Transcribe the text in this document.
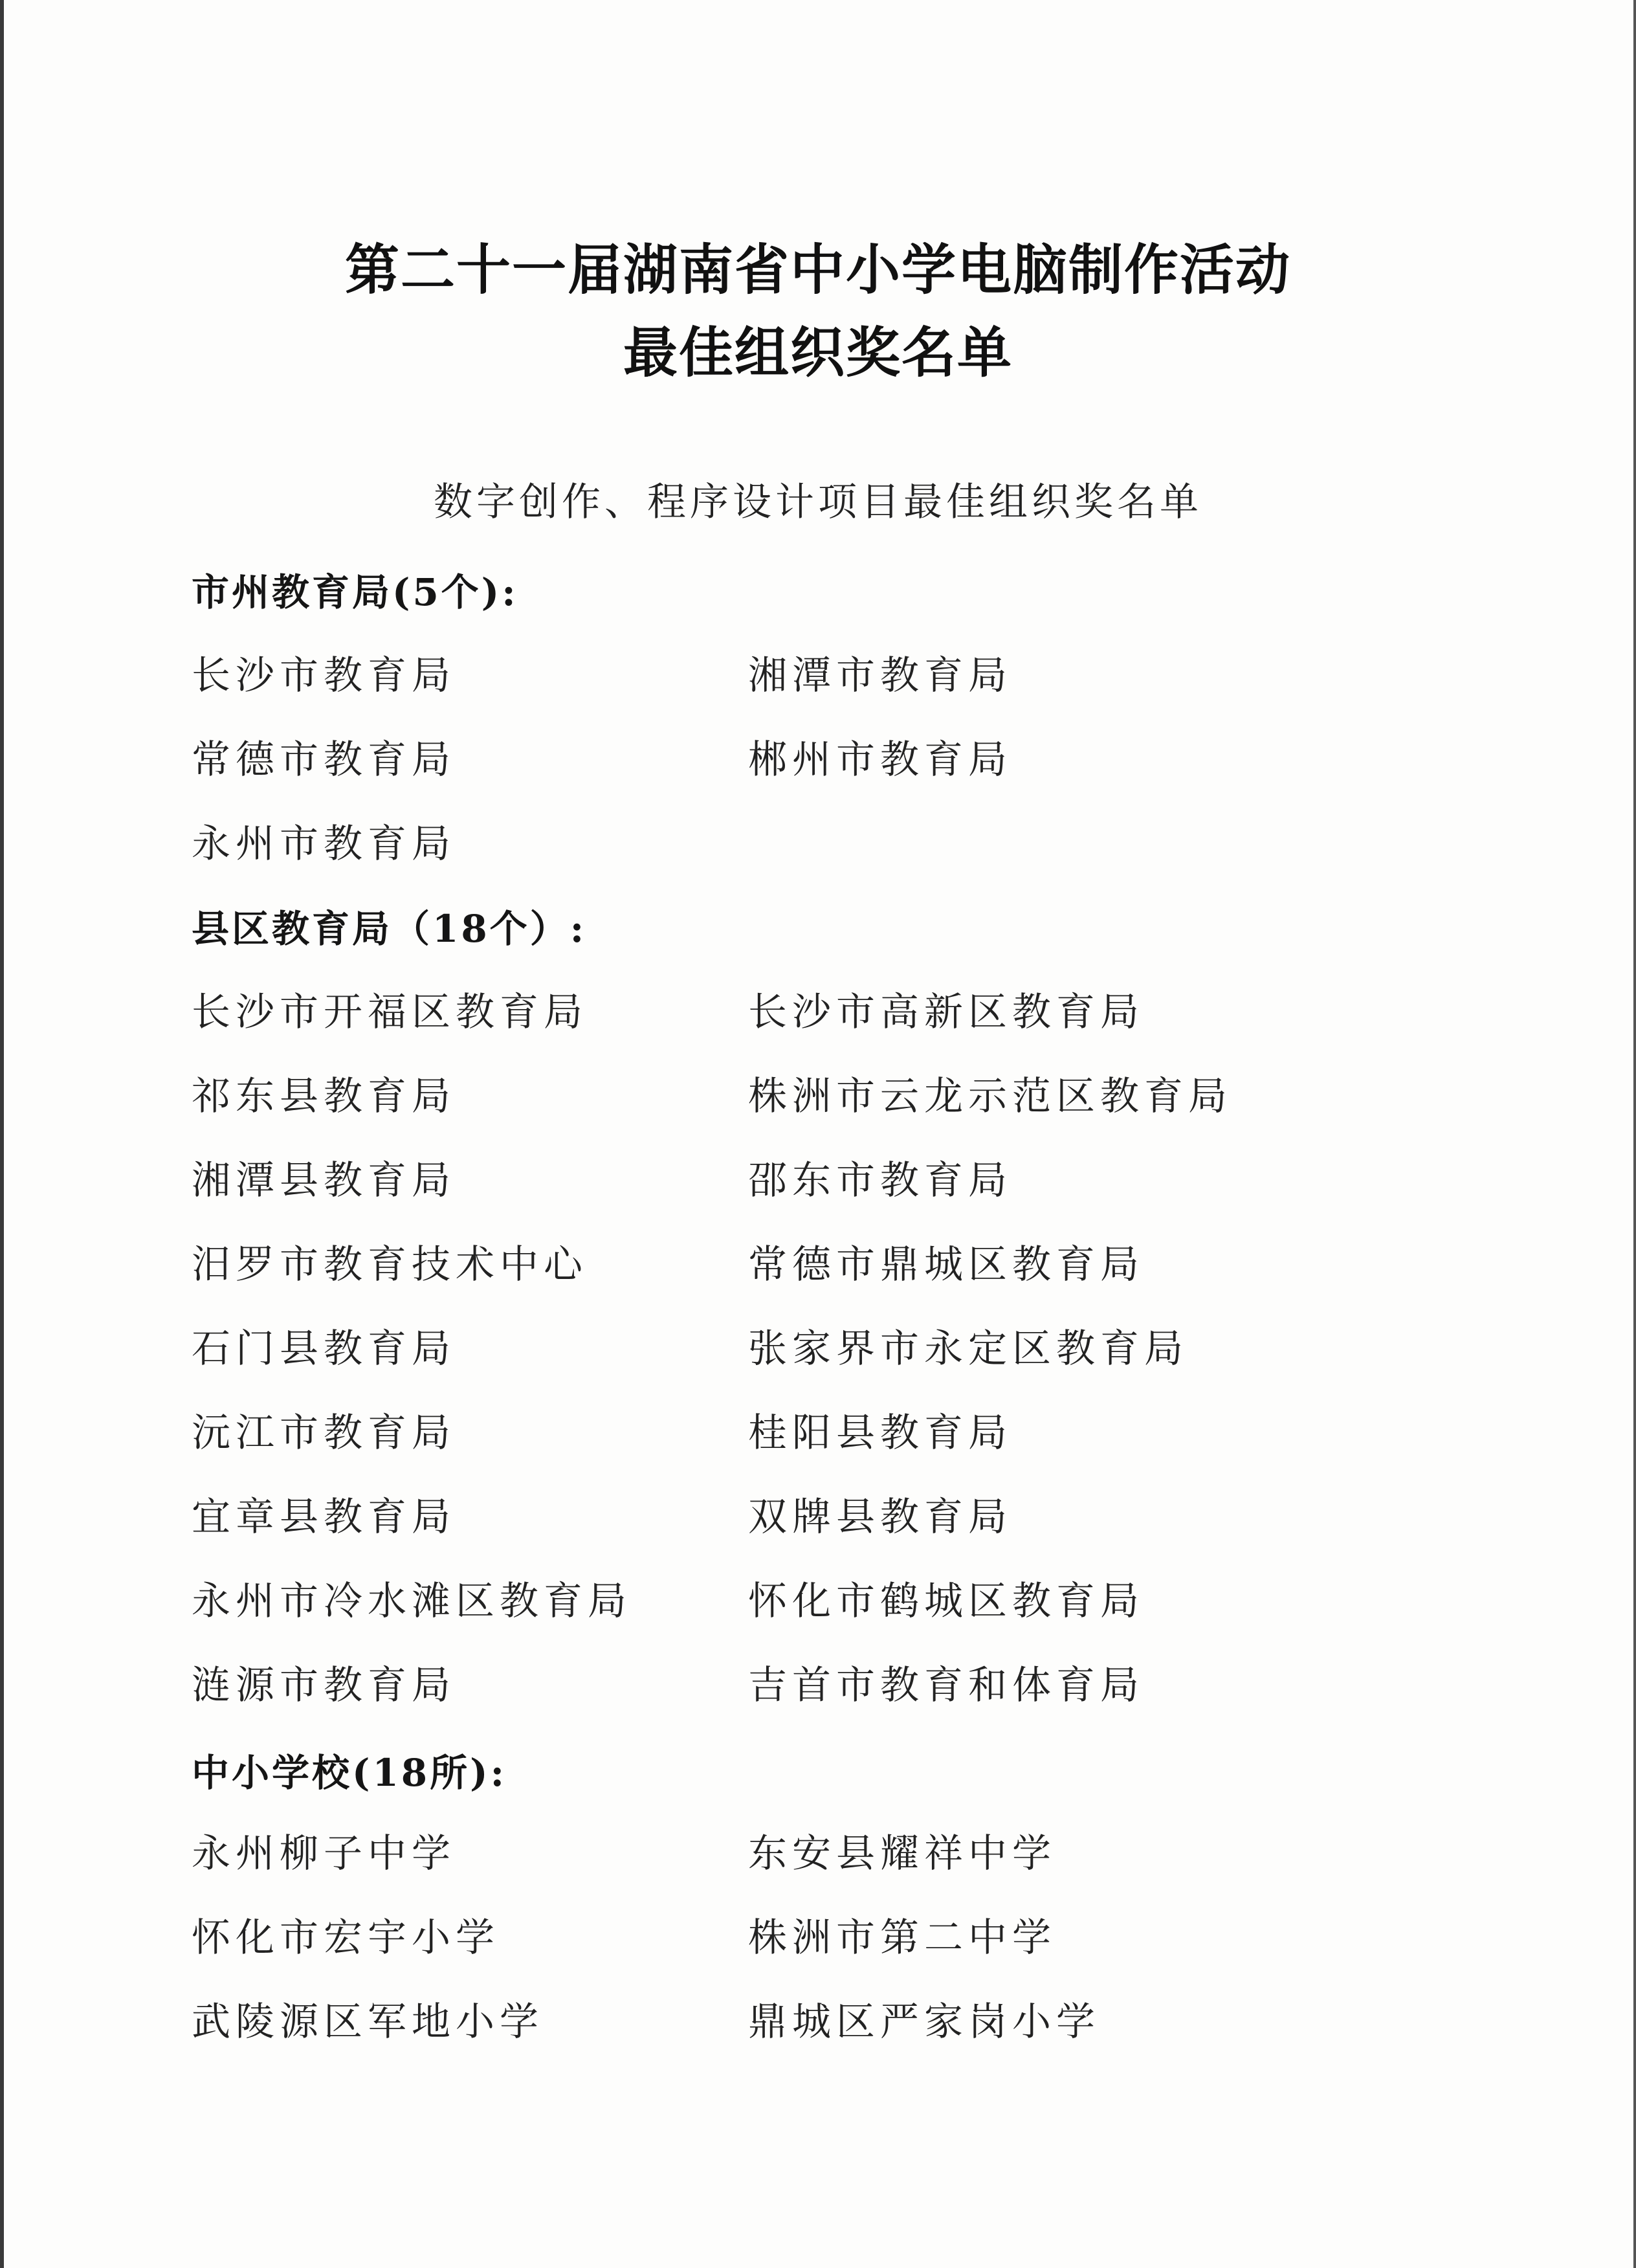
第二十一届湖南省中小学电脑制作活动
最佳组织奖名单
数字创作、程序设计项目最佳组织奖名单
市州教育局(5个):
长沙市教育局	湘潭市教育局
常德市教育局	郴州市教育局
永州市教育局
县区教育局（18个）:
长沙市开福区教育局	长沙市高新区教育局
祁东县教育局	株洲市云龙示范区教育局
湘潭县教育局	邵东市教育局
汨罗市教育技术中心	常德市鼎城区教育局
石门县教育局	张家界市永定区教育局
沅江市教育局	桂阳县教育局
宜章县教育局	双牌县教育局
永州市冷水滩区教育局	怀化市鹤城区教育局
涟源市教育局	吉首市教育和体育局
中小学校(18所):
永州柳子中学	东安县耀祥中学
怀化市宏宇小学	株洲市第二中学
武陵源区军地小学	鼎城区严家岗小学
